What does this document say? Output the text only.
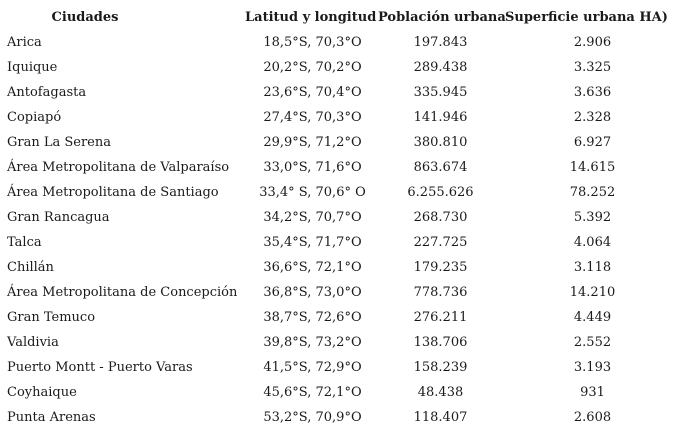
Ciudades	Latitud y longitud	Población urbana	Superficie urbana HA)
Arica	18,5°S, 70,3°O	197.843	2.906
Iquique	20,2°S, 70,2°O	289.438	3.325
Antofagasta	23,6°S, 70,4°O	335.945	3.636
Copiapó	27,4°S, 70,3°O	141.946	2.328
Gran La Serena	29,9°S, 71,2°O	380.810	6.927
Área Metropolitana de Valparaíso	33,0°S, 71,6°O	863.674	14.615
Área Metropolitana de Santiago	33,4° S, 70,6° O	6.255.626	78.252
Gran Rancagua	34,2°S, 70,7°O	268.730	5.392
Talca	35,4°S, 71,7°O	227.725	4.064
Chillán	36,6°S, 72,1°O	179.235	3.118
Área Metropolitana de Concepción	36,8°S, 73,0°O	778.736	14.210
Gran Temuco	38,7°S, 72,6°O	276.211	4.449
Valdivia	39,8°S, 73,2°O	138.706	2.552
Puerto Montt - Puerto Varas	41,5°S, 72,9°O	158.239	3.193
Coyhaique	45,6°S, 72,1°O	48.438	931
Punta Arenas	53,2°S, 70,9°O	118.407	2.608
